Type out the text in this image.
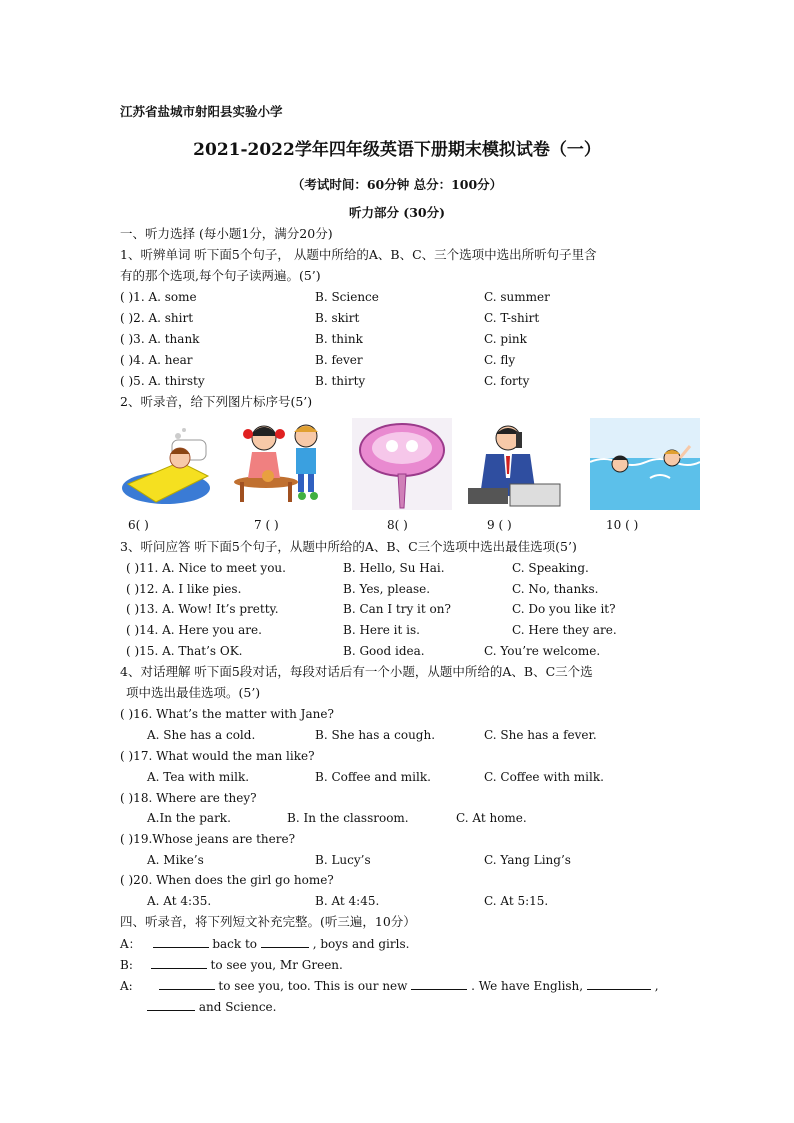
江苏省盐城市射阳县实验小学
2021-2022学年四年级英语下册期末模拟试卷（一）
（考试时间：60分钟 总分：100分）
听力部分 (30分)
一、听力选择 (每小题1分，满分20分)
1、听辨单词 听下面5个句子， 从题中所给的A、B、C、三个选项中选出所听句子里含
有的那个选项,每个句子读两遍。(5’)
( )1. A. some	B. Science	C. summer
( )2. A. shirt	B. skirt	C. T-shirt
( )3. A. thank	B. think	C. pink
( )4. A. hear	B. fever	C. fly
( )5. A. thirsty	B. thirty	C. forty
2、听录音，给下列图片标序号(5’)
6( )	7 ( )	8( )	9 ( )	10 ( )
3、听问应答 听下面5个句子，从题中所给的A、B、C三个选项中选出最佳选项(5’)
( )11. A. Nice to meet you.	B. Hello, Su Hai.	C. Speaking.
( )12. A. I like pies.	B. Yes, please.	C. No, thanks.
( )13. A. Wow! It’s pretty.	B. Can I try it on?	C. Do you like it?
( )14. A. Here you are.	B. Here it is.	C. Here they are.
( )15. A. That’s OK.	B. Good idea.	C. You’re welcome.
4、对话理解 听下面5段对话，每段对话后有一个小题，从题中所给的A、B、C三个选
项中选出最佳选项。(5’)
( )16. What’s the matter with Jane?
A. She has a cold.	B. She has a cough.	C. She has a fever.
( )17. What would the man like?
A. Tea with milk.	B. Coffee and milk.	C. Coffee with milk.
( )18. Where are they?
A.In the park.	B. In the classroom.	C. At home.
( )19.Whose jeans are there?
A. Mike’s	B. Lucy’s	C. Yang Ling’s
( )20. When does the girl go home?
A. At 4:35.	B. At 4:45.	C. At 5:15.
四、听录音，将下列短文补充完整。(听三遍，10分）
A：	back to	, boys and girls.
B:	to see you, Mr Green.
A:	to see you, too. This is our new	. We have English,	,
and Science.
